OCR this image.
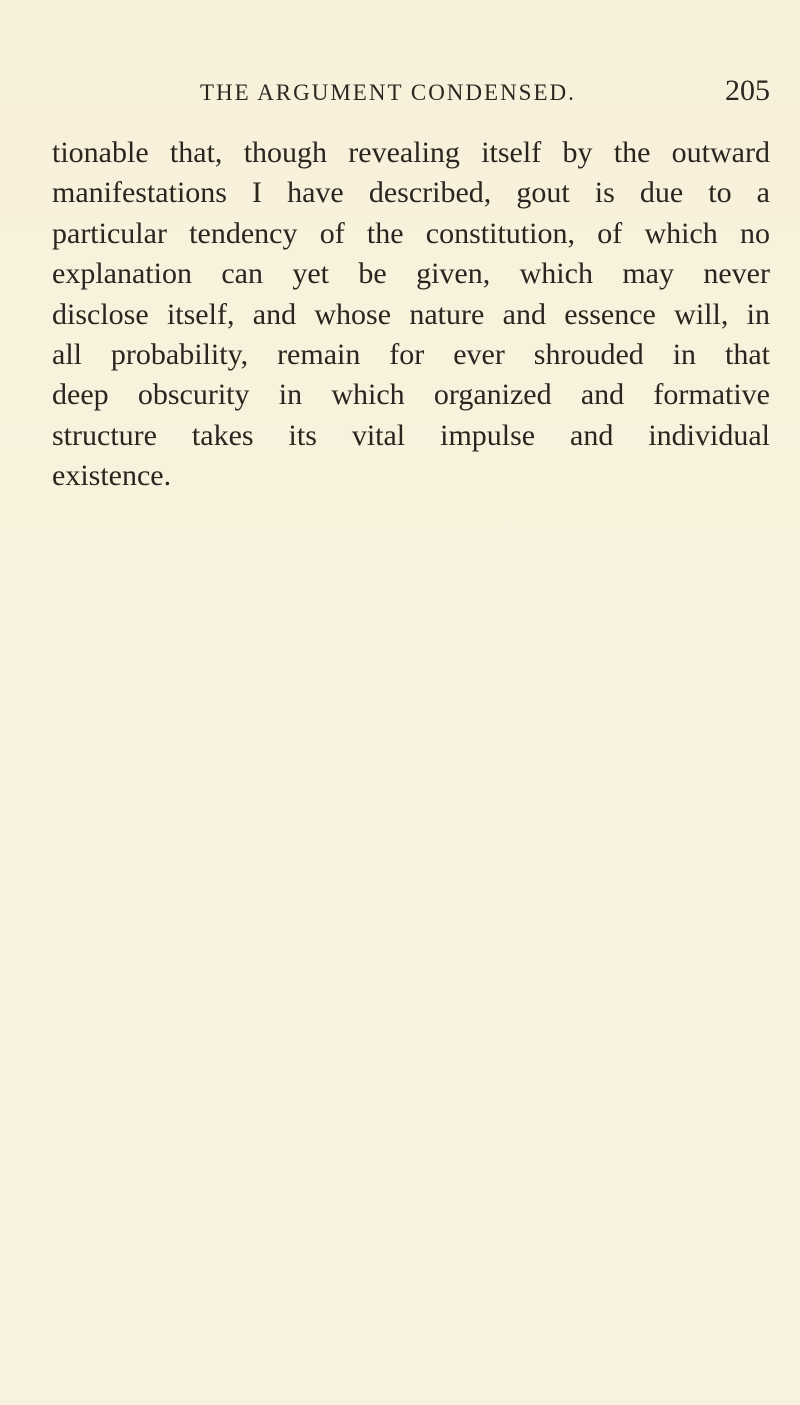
THE ARGUMENT CONDENSED.	205
tionable that, though revealing itself by the outward
manifestations I have described, gout is due to a
particular tendency of the constitution, of which no
explanation can yet be given, which may never
disclose itself, and whose nature and essence will, in
all probability, remain for ever shrouded in that
deep obscurity in which organized and formative
structure takes its vital impulse and individual
existence.
